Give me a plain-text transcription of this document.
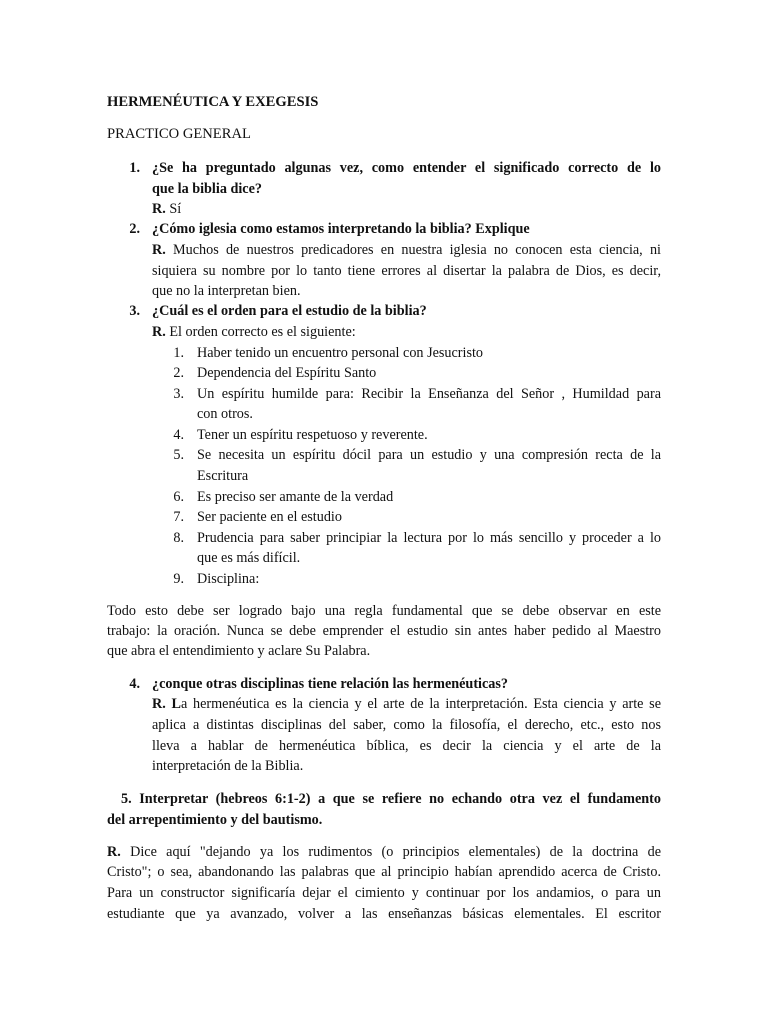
HERMENÉUTICA Y EXEGESIS
PRACTICO GENERAL
1. ¿Se ha preguntado algunas vez, como entender el significado correcto de lo
que la biblia dice?
R. Sí
2. ¿Cómo iglesia como estamos interpretando la biblia? Explique
R. Muchos de nuestros predicadores en nuestra iglesia no conocen esta ciencia, ni
siquiera su nombre por lo tanto tiene errores al disertar la palabra de Dios, es decir,
que no la interpretan bien.
3. ¿Cuál es el orden para el estudio de la biblia?
R. El orden correcto es el siguiente:
1. Haber tenido un encuentro personal con Jesucristo
2. Dependencia del Espíritu Santo
3. Un espíritu humilde para: Recibir la Enseñanza del Señor , Humildad para
con otros.
4. Tener un espíritu respetuoso y reverente.
5. Se necesita un espíritu dócil para un estudio y una compresión recta de la
Escritura
6. Es preciso ser amante de la verdad
7. Ser paciente en el estudio
8. Prudencia para saber principiar la lectura por lo más sencillo y proceder a lo
que es más difícil.
9. Disciplina:
Todo esto debe ser logrado bajo una regla fundamental que se debe observar en este
trabajo: la oración. Nunca se debe emprender el estudio sin antes haber pedido al Maestro
que abra el entendimiento y aclare Su Palabra.
4. ¿conque otras disciplinas tiene relación las hermenéuticas?
R. La hermenéutica es la ciencia y el arte de la interpretación. Esta ciencia y arte se
aplica a distintas disciplinas del saber, como la filosofía, el derecho, etc., esto nos
lleva a hablar de hermenéutica bíblica, es decir la ciencia y el arte de la
interpretación de la Biblia.
5. Interpretar (hebreos 6:1-2) a que se refiere no echando otra vez el fundamento
del arrepentimiento y del bautismo.
R. Dice aquí "dejando ya los rudimentos (o principios elementales) de la doctrina de
Cristo"; o sea, abandonando las palabras que al principio habían aprendido acerca de Cristo.
Para un constructor significaría dejar el cimiento y continuar por los andamios, o para un
estudiante que ya avanzado, volver a las enseñanzas básicas elementales. El escritor
